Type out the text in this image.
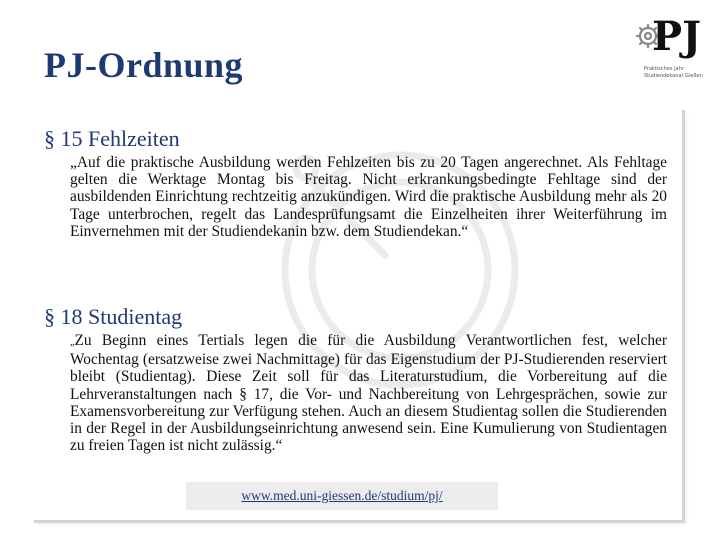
PJ-Ordnung
PJ
Praktisches Jahr
Studiendekanat Gießen
§ 15 Fehlzeiten

„Auf die praktische Ausbildung werden Fehlzeiten bis zu 20 Tagen angerechnet. Als Fehltage gelten die Werktage Montag bis Freitag. Nicht erkrankungsbedingte Fehltage sind der ausbildenden Einrichtung rechtzeitig anzukündigen. Wird die praktische Ausbildung mehr als 20 Tage unterbrochen, regelt das Landesprüfungsamt die Einzelheiten ihrer Weiterführung im Einvernehmen mit der Studiendekanin bzw. dem Studiendekan.“

§ 18 Studientag

„Zu Beginn eines Tertials legen die für die Ausbildung Verantwortlichen fest, welcher Wochentag (ersatzweise zwei Nachmittage) für das Eigenstudium der PJ-Studierenden reserviert bleibt (Studientag). Diese Zeit soll für das Literaturstudium, die Vorbereitung auf die Lehrveranstaltungen nach § 17, die Vor- und Nachbereitung von Lehrgesprächen, sowie zur Examensvorbereitung zur Verfügung stehen. Auch an diesem Studientag sollen die Studierenden in der Regel in der Ausbildungseinrichtung anwesend sein. Eine Kumulierung von Studientagen zu freien Tagen ist nicht zulässig.“

www.med.uni-giessen.de/studium/pj/
